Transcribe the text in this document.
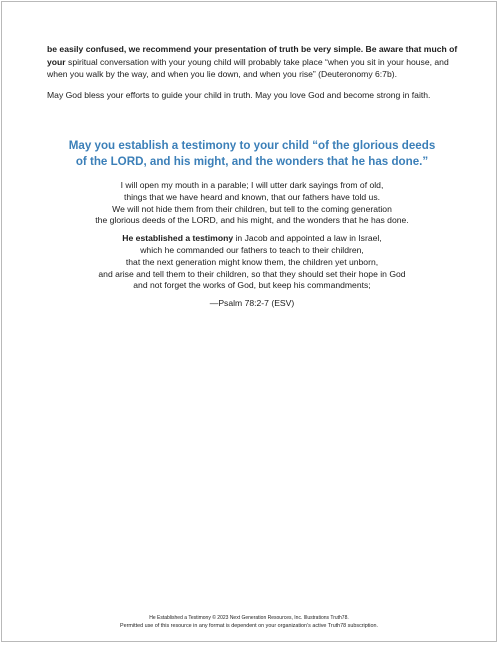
be easily confused, we recommend your presentation of truth be very simple. Be aware that much of your spiritual conversation with your young child will probably take place “when you sit in your house, and when you walk by the way, and when you lie down, and when you rise” (Deuteronomy 6:7b).

May God bless your efforts to guide your child in truth. May you love God and become strong in faith.

May you establish a testimony to your child “of the glorious deeds
of the LORD, and his might, and the wonders that he has done.”
I will open my mouth in a parable; I will utter dark sayings from of old,
things that we have heard and known, that our fathers have told us.
We will not hide them from their children, but tell to the coming generation
the glorious deeds of the LORD, and his might, and the wonders that he has done.
He established a testimony in Jacob and appointed a law in Israel,
which he commanded our fathers to teach to their children,
that the next generation might know them, the children yet unborn,
and arise and tell them to their children, so that they should set their hope in God
and not forget the works of God, but keep his commandments;
—Psalm 78:2-7 (ESV)
He Established a Testimony © 2023 Next Generation Resources, Inc. Illustrations Truth78.
Permitted use of this resource in any format is dependent on your organization’s active Truth78 subscription.
